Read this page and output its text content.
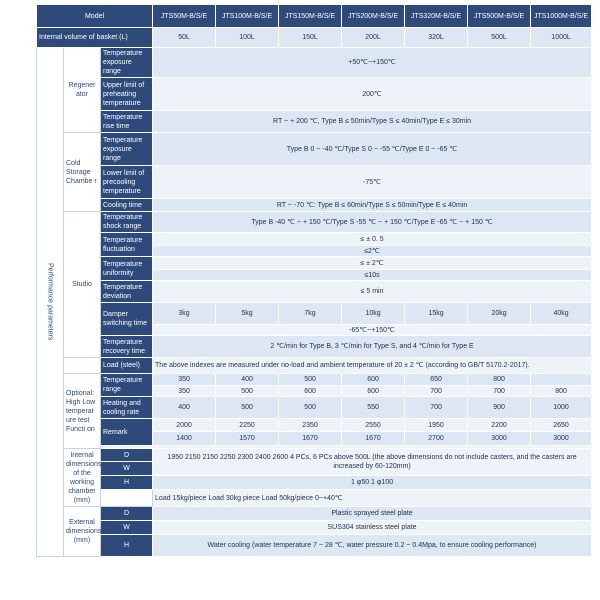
Model			JTS50M-B/S/E	JTS100M-B/S/E	JTS150M-B/S/E	JTS200M-B/S/E	JTS320M-B/S/E	JTS500M-B/S/E	JTS1000M-B/S/E
Internal volume of basket (L)			50L	100L	150L	200L	320L	500L	1000L
Performance parameters	Regener ator	Temperature exposure range	+50℃~+150℃						
		Upper limit of preheating temperature	200℃						
		Temperature rise time	RT ~ + 200 ℃, Type B ≤ 50min/Type S ≤ 40min/Type E ≤ 30min						
	Cold Storage Chambe r	Temperature exposure range	Type B 0 ~ -40 ℃/Type S 0 ~ -55 ℃/Type E 0 ~ -65 ℃						
		Lower limit of precooling temperature	-75℃						
		Cooling time	RT ~ -70 ℃: Type B ≤ 60min/Type S ≤ 50min/Type E ≤ 40min						
	Studio	Temperature shock range	Type B -40 ℃ ~ + 150 ℃/Type S -55 ℃ ~ + 150 ℃/Type E -65 ℃ ~ + 150 ℃						
		Temperature fluctuation	≤ ± 0. 5						
			≤2℃						
		Temperature uniformity	≤ ± 2℃						
			≤10s						
		Temperature deviation	≤ 5 min						
		Damper switching time	3kg	5kg	7kg	10kg	15kg	20kg	40kg
			-65℃~+150℃						
		Temperature recovery time	2 ℃/min for Type B, 3 ℃/min for Type S, and 4 ℃/min for Type E						
		Load (steel)	The above indexes are measured under no-load and ambient temperature of 20 ± 2 ℃ (according to GB/T 5170.2-2017).						
	Optional: High Low temperat ure test Functi on	Temperature range	350	400	500	600	650	800	
			350	500	600	600	700	700	800
		Heating and cooling rate	400	500	500	550	700	900	1000
		Remark	2000	2250	2350	2550	1950	2200	2650
			1400	1570	1670	1670	2700	3000	3000

	Internal dimensions of the working chamber (mm)	D	1950 2150 2150 2250 2300 2400 2600 4 PCs, 6 PCs above 500L (the above dimensions do not include casters, and the casters are increased by 60-120mm)						
		W							
		H	1 φ50 1 φ100						
			Load 15kg/piece Load 30kg piece Load 50kg/piece 0~+40℃						
	External dimensions (mm)	D	Plastic sprayed steel plate						
		W	SUS304 stainless steel plate						
		H	Water cooling (water temperature 7 ~ 28 ℃, water pressure 0.2 ~ 0.4Mpa, to ensure cooling performance)						
